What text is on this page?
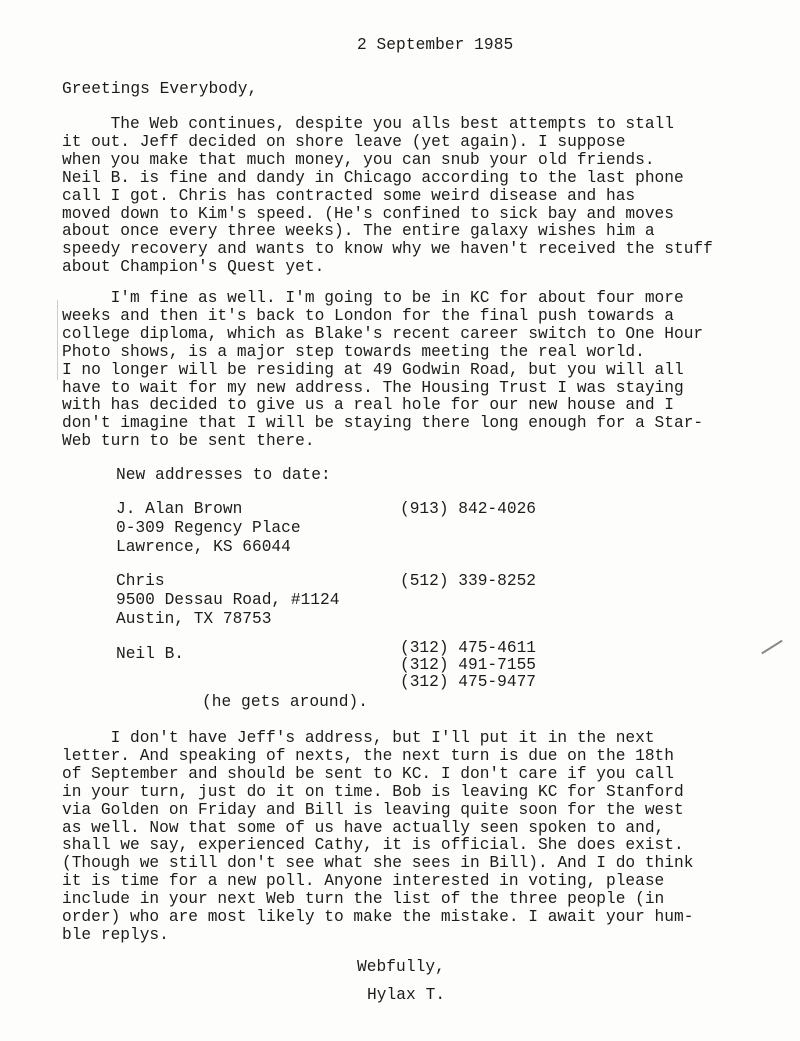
2 September 1985
Greetings Everybody,
The Web continues, despite you alls best attempts to stall
it out. Jeff decided on shore leave (yet again). I suppose
when you make that much money, you can snub your old friends.
Neil B. is fine and dandy in Chicago according to the last phone
call I got. Chris has contracted some weird disease and has
moved down to Kim's speed. (He's confined to sick bay and moves
about once every three weeks). The entire galaxy wishes him a
speedy recovery and wants to know why we haven't received the stuff
about Champion's Quest yet.
I'm fine as well. I'm going to be in KC for about four more
weeks and then it's back to London for the final push towards a
college diploma, which as Blake's recent career switch to One Hour
Photo shows, is a major step towards meeting the real world.
I no longer will be residing at 49 Godwin Road, but you will all
have to wait for my new address. The Housing Trust I was staying
with has decided to give us a real hole for our new house and I
don't imagine that I will be staying there long enough for a Star-
Web turn to be sent there.
New addresses to date:
J. Alan Brown
0-309 Regency Place
Lawrence, KS 66044
(913) 842-4026
Chris
9500 Dessau Road, #1124
Austin, TX 78753
(512) 339-8252
Neil B.	(312) 475-4611
(312) 491-7155
(312) 475-9477
(he gets around).
I don't have Jeff's address, but I'll put it in the next
letter. And speaking of nexts, the next turn is due on the 18th
of September and should be sent to KC. I don't care if you call
in your turn, just do it on time. Bob is leaving KC for Stanford
via Golden on Friday and Bill is leaving quite soon for the west
as well. Now that some of us have actually seen spoken to and,
shall we say, experienced Cathy, it is official. She does exist.
(Though we still don't see what she sees in Bill). And I do think
it is time for a new poll. Anyone interested in voting, please
include in your next Web turn the list of the three people (in
order) who are most likely to make the mistake. I await your hum-
ble replys.
Webfully,
Hylax T.
